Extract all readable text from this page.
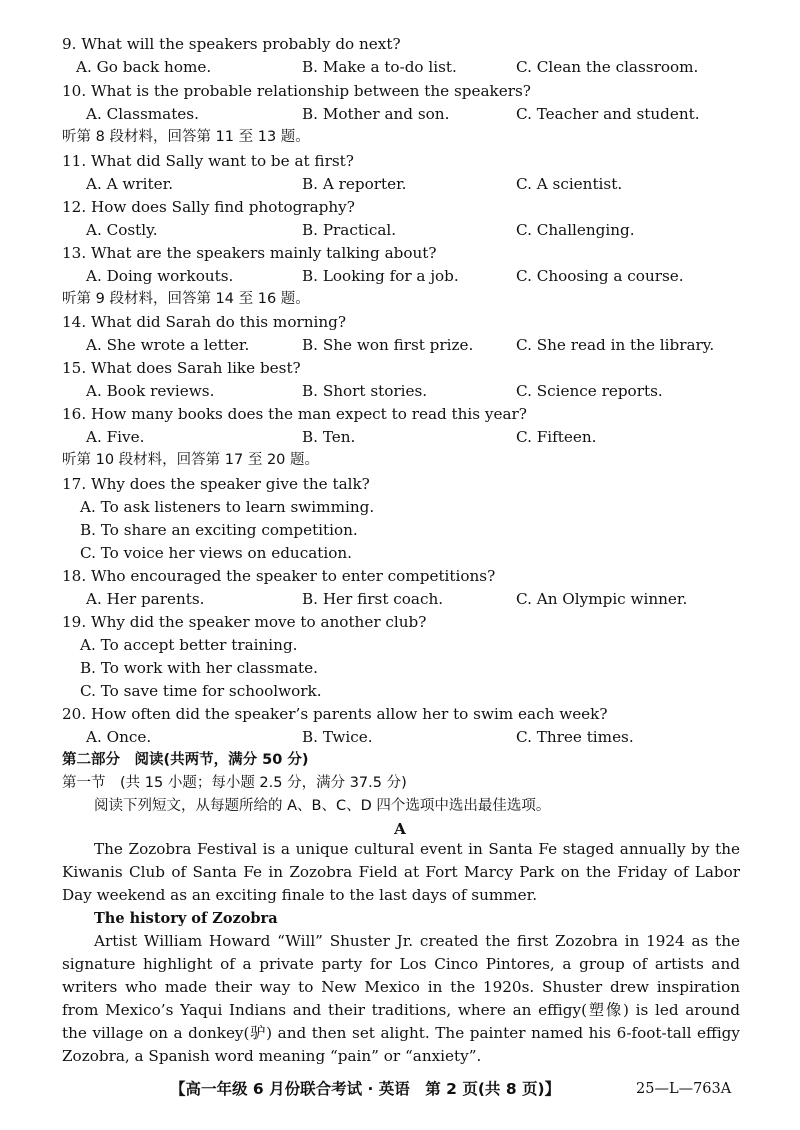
9. What will the speakers probably do next?
A. Go back home.	B. Make a to-do list.	C. Clean the classroom.
10. What is the probable relationship between the speakers?
A. Classmates.	B. Mother and son.	C. Teacher and student.
听第 8 段材料，回答第 11 至 13 题。
11. What did Sally want to be at first?
A. A writer.	B. A reporter.	C. A scientist.
12. How does Sally find photography?
A. Costly.	B. Practical.	C. Challenging.
13. What are the speakers mainly talking about?
A. Doing workouts.	B. Looking for a job.	C. Choosing a course.
听第 9 段材料，回答第 14 至 16 题。
14. What did Sarah do this morning?
A. She wrote a letter.	B. She won first prize.	C. She read in the library.
15. What does Sarah like best?
A. Book reviews.	B. Short stories.	C. Science reports.
16. How many books does the man expect to read this year?
A. Five.	B. Ten.	C. Fifteen.
听第 10 段材料，回答第 17 至 20 题。
17. Why does the speaker give the talk?
A. To ask listeners to learn swimming.
B. To share an exciting competition.
C. To voice her views on education.
18. Who encouraged the speaker to enter competitions?
A. Her parents.	B. Her first coach.	C. An Olympic winner.
19. Why did the speaker move to another club?
A. To accept better training.
B. To work with her classmate.
C. To save time for schoolwork.
20. How often did the speaker’s parents allow her to swim each week?
A. Once.	B. Twice.	C. Three times.
第二部分　阅读(共两节，满分 50 分)
第一节　(共 15 小题；每小题 2.5 分，满分 37.5 分)
阅读下列短文，从每题所给的 A、B、C、D 四个选项中选出最佳选项。
A
The Zozobra Festival is a unique cultural event in Santa Fe staged annually by the Kiwanis Club of Santa Fe in Zozobra Field at Fort Marcy Park on the Friday of Labor Day weekend as an exciting finale to the last days of summer.
The history of Zozobra
Artist William Howard “Will” Shuster Jr. created the first Zozobra in 1924 as the signature highlight of a private party for Los Cinco Pintores, a group of artists and writers who made their way to New Mexico in the 1920s. Shuster drew inspiration from Mexico’s Yaqui Indians and their traditions, where an effigy(塑像) is led around the village on a donkey(驴) and then set alight. The painter named his 6-foot-tall effigy Zozobra, a Spanish word meaning “pain” or “anxiety”.
【高一年级 6 月份联合考试 · 英语　第 2 页(共 8 页)】	25—L—763A
